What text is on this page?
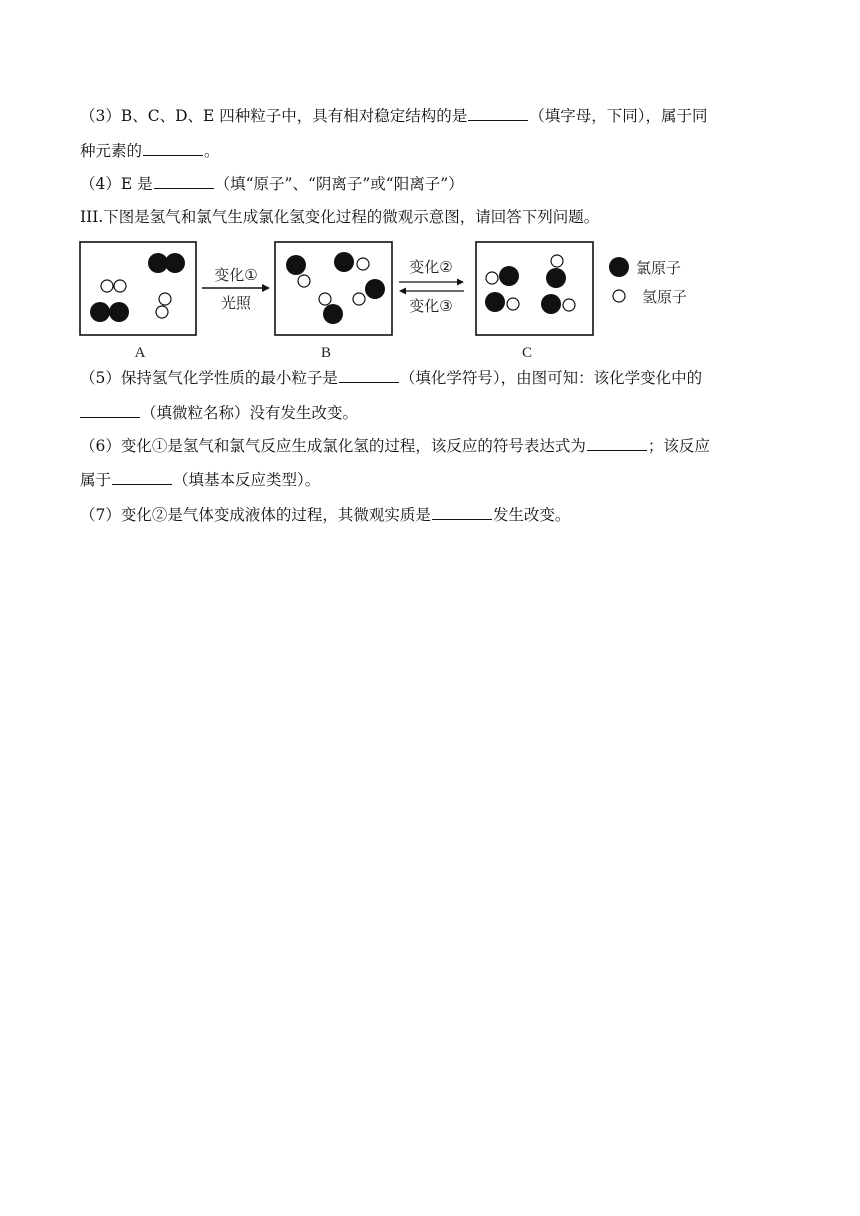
（3）B、C、D、E 四种粒子中，具有相对稳定结构的是	（填字母，下同），属于同
种元素的	。
（4）E 是	（填“原子”、“阴离子”或“阳离子”）
III.下图是氢气和氯气生成氯化氢变化过程的微观示意图，请回答下列问题。
A
变化①
光照
B
变化②
变化③
C
氯原子
氢原子
（5）保持氢气化学性质的最小粒子是	（填化学符号），由图可知：该化学变化中的
（填微粒名称）没有发生改变。
（6）变化①是氢气和氯气反应生成氯化氢的过程，该反应的符号表达式为	；该反应
属于	（填基本反应类型）。
（7）变化②是气体变成液体的过程，其微观实质是	发生改变。
